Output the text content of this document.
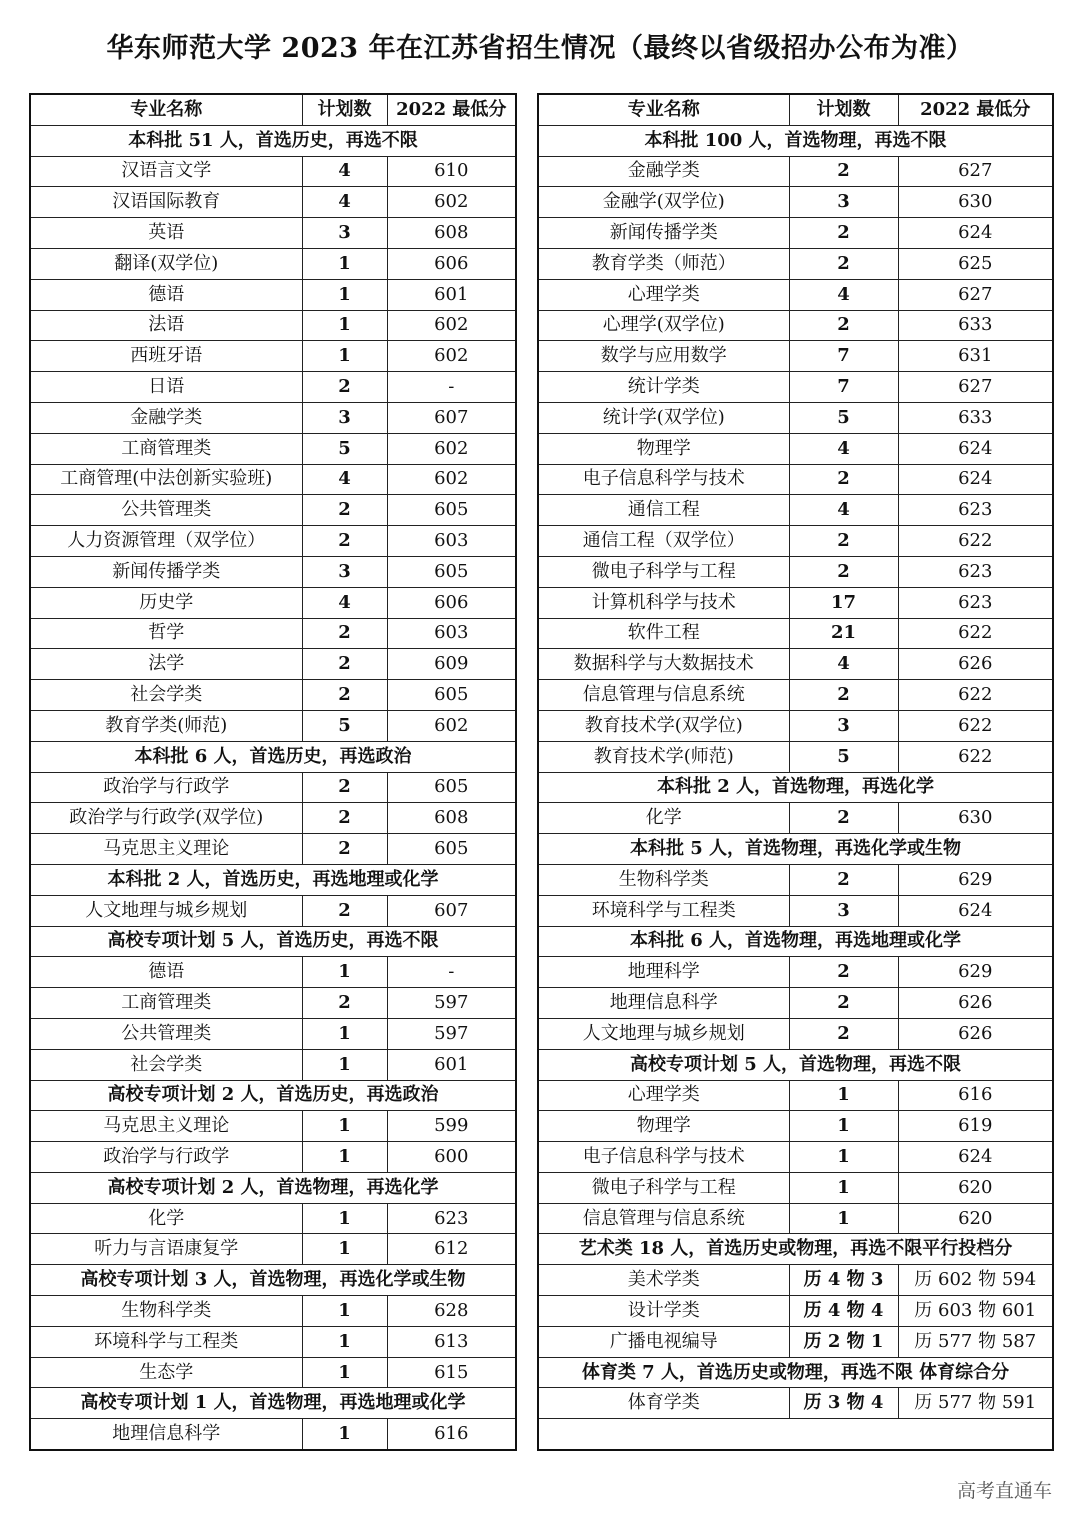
华东师范大学 2023 年在江苏省招生情况（最终以省级招办公布为准）
专业名称	计划数	2022 最低分
本科批 51 人，首选历史，再选不限		
汉语言文学	4	610
汉语国际教育	4	602
英语	3	608
翻译(双学位)	1	606
德语	1	601
法语	1	602
西班牙语	1	602
日语	2	-
金融学类	3	607
工商管理类	5	602
工商管理(中法创新实验班)	4	602
公共管理类	2	605
人力资源管理（双学位）	2	603
新闻传播学类	3	605
历史学	4	606
哲学	2	603
法学	2	609
社会学类	2	605
教育学类(师范)	5	602
本科批 6 人，首选历史，再选政治		
政治学与行政学	2	605
政治学与行政学(双学位)	2	608
马克思主义理论	2	605
本科批 2 人，首选历史，再选地理或化学		
人文地理与城乡规划	2	607
高校专项计划 5 人，首选历史，再选不限		
德语	1	-
工商管理类	2	597
公共管理类	1	597
社会学类	1	601
高校专项计划 2 人，首选历史，再选政治		
马克思主义理论	1	599
政治学与行政学	1	600
高校专项计划 2 人，首选物理，再选化学		
化学	1	623
听力与言语康复学	1	612
高校专项计划 3 人，首选物理，再选化学或生物		
生物科学类	1	628
环境科学与工程类	1	613
生态学	1	615
高校专项计划 1 人，首选物理，再选地理或化学		
地理信息科学	1	616
专业名称	计划数	2022 最低分
本科批 100 人，首选物理，再选不限		
金融学类	2	627
金融学(双学位)	3	630
新闻传播学类	2	624
教育学类（师范）	2	625
心理学类	4	627
心理学(双学位)	2	633
数学与应用数学	7	631
统计学类	7	627
统计学(双学位)	5	633
物理学	4	624
电子信息科学与技术	2	624
通信工程	4	623
通信工程（双学位）	2	622
微电子科学与工程	2	623
计算机科学与技术	17	623
软件工程	21	622
数据科学与大数据技术	4	626
信息管理与信息系统	2	622
教育技术学(双学位)	3	622
教育技术学(师范)	5	622
本科批 2 人，首选物理，再选化学		
化学	2	630
本科批 5 人，首选物理，再选化学或生物		
生物科学类	2	629
环境科学与工程类	3	624
本科批 6 人，首选物理，再选地理或化学		
地理科学	2	629
地理信息科学	2	626
人文地理与城乡规划	2	626
高校专项计划 5 人，首选物理，再选不限		
心理学类	1	616
物理学	1	619
电子信息科学与技术	1	624
微电子科学与工程	1	620
信息管理与信息系统	1	620
艺术类 18 人，首选历史或物理，再选不限平行投档分		
美术学类	历 4 物 3	历 602 物 594
设计学类	历 4 物 4	历 603 物 601
广播电视编导	历 2 物 1	历 577 物 587
体育类 7 人，首选历史或物理，再选不限 体育综合分		
体育学类	历 3 物 4	历 577 物 591

高考直通车
